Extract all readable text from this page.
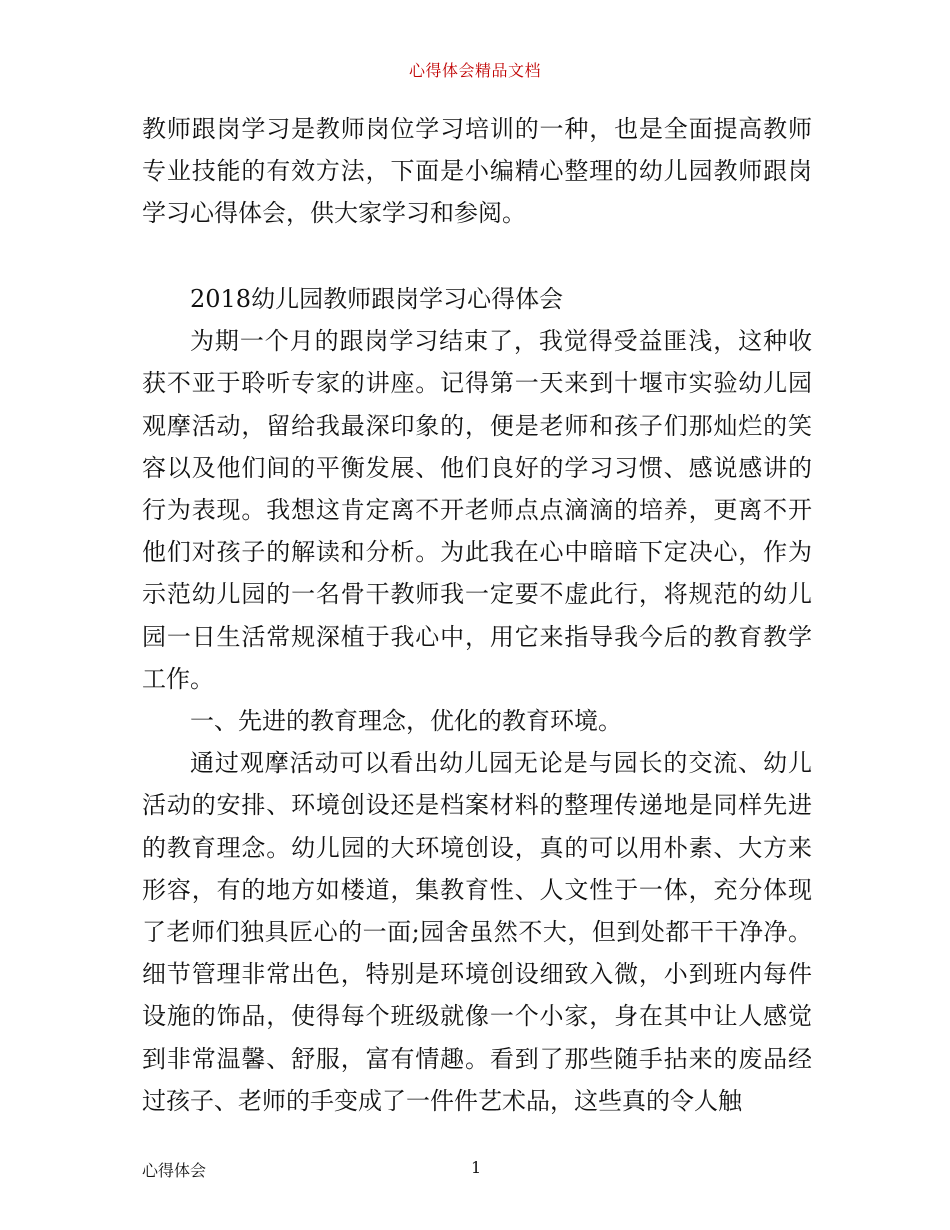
心得体会精品文档

教师跟岗学习是教师岗位学习培训的一种，也是全面提高教师专业技能的有效方法，下面是小编精心整理的幼儿园教师跟岗学习心得体会，供大家学习和参阅。

2018幼儿园教师跟岗学习心得体会

为期一个月的跟岗学习结束了，我觉得受益匪浅，这种收获不亚于聆听专家的讲座。记得第一天来到十堰市实验幼儿园观摩活动，留给我最深印象的，便是老师和孩子们那灿烂的笑容以及他们间的平衡发展、他们良好的学习习惯、感说感讲的行为表现。我想这肯定离不开老师点点滴滴的培养，更离不开他们对孩子的解读和分析。为此我在心中暗暗下定决心，作为示范幼儿园的一名骨干教师我一定要不虚此行，将规范的幼儿园一日生活常规深植于我心中，用它来指导我今后的教育教学工作。

一、先进的教育理念，优化的教育环境。

通过观摩活动可以看出幼儿园无论是与园长的交流、幼儿活动的安排、环境创设还是档案材料的整理传递地是同样先进的教育理念。幼儿园的大环境创设，真的可以用朴素、大方来形容，有的地方如楼道，集教育性、人文性于一体，充分体现了老师们独具匠心的一面;园舍虽然不大，但到处都干干净净。细节管理非常出色，特别是环境创设细致入微，小到班内每件设施的饰品，使得每个班级就像一个小家，身在其中让人感觉到非常温馨、舒服，富有情趣。看到了那些随手拈来的废品经过孩子、老师的手变成了一件件艺术品，这些真的令人触

心得体会	1
